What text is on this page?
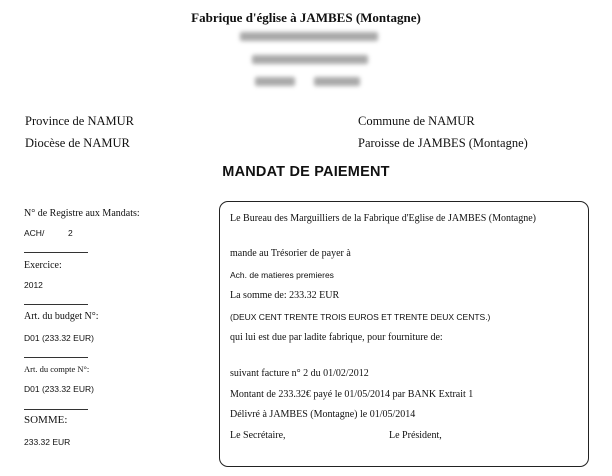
Fabrique d'église à JAMBES (Montagne)
Province de NAMUR
Diocèse de NAMUR
Commune de NAMUR
Paroisse de JAMBES (Montagne)
MANDAT DE PAIEMENT
N° de Registre aux Mandats:
ACH/	2
Exercice:
2012
Art. du budget N°:
D01 (233.32 EUR)
Art. du compte N°:
D01 (233.32 EUR)
SOMME:
233.32 EUR
Le Bureau des Marguilliers de la Fabrique d'Eglise de JAMBES (Montagne)
mande au Trésorier de payer à
Ach. de matieres premieres
La somme de: 233.32 EUR
(DEUX CENT TRENTE TROIS EUROS ET TRENTE DEUX CENTS.)
qui lui est due par ladite fabrique, pour fourniture de:
suivant facture n° 2 du 01/02/2012
Montant de 233.32€ payé le 01/05/2014 par BANK Extrait 1
Délivré à JAMBES (Montagne) le 01/05/2014
Le Secrétaire,	Le Président,
